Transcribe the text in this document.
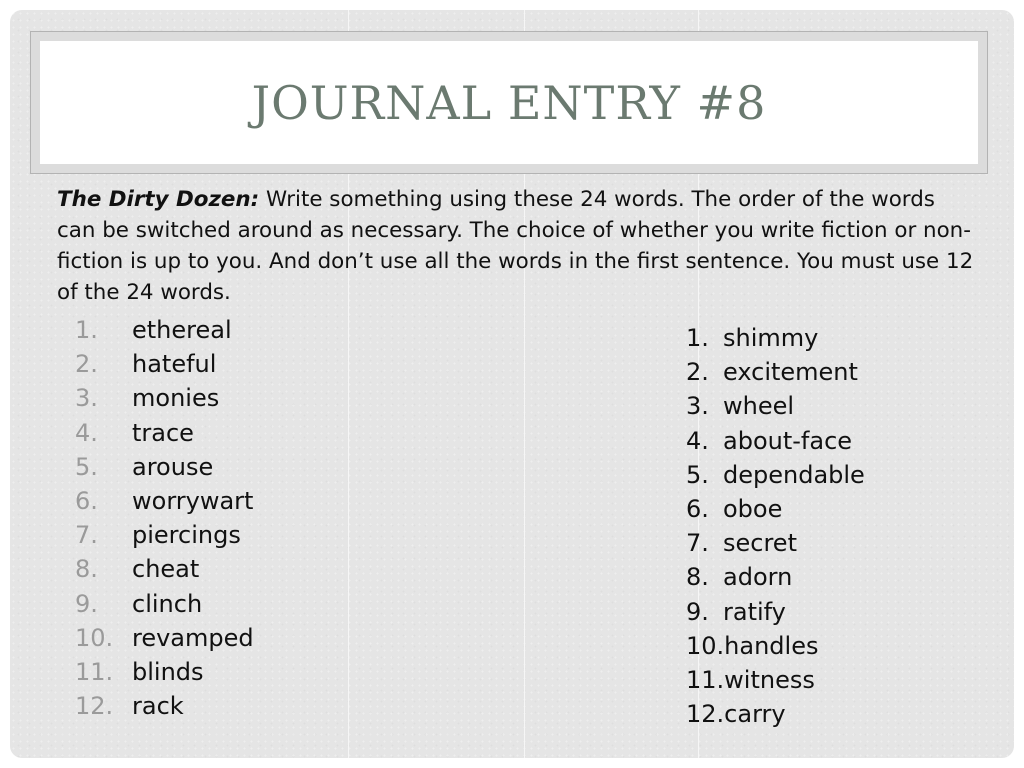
JOURNAL ENTRY #8
The Dirty Dozen: Write something using these 24 words. The order of the words can be switched around as necessary. The choice of whether you write fiction or non-fiction is up to you. And don’t use all the words in the first sentence. You must use 12 of the 24 words.
1.	ethereal
2.	hateful
3.	monies
4.	trace
5.	arouse
6.	worrywart
7.	piercings
8.	cheat
9.	clinch
10. revamped
11. blinds
12. rack
1. shimmy
2. excitement
3. wheel
4. about-face
5. dependable
6. oboe
7. secret
8. adorn
9. ratify
10. handles
11. witness
12. carry
